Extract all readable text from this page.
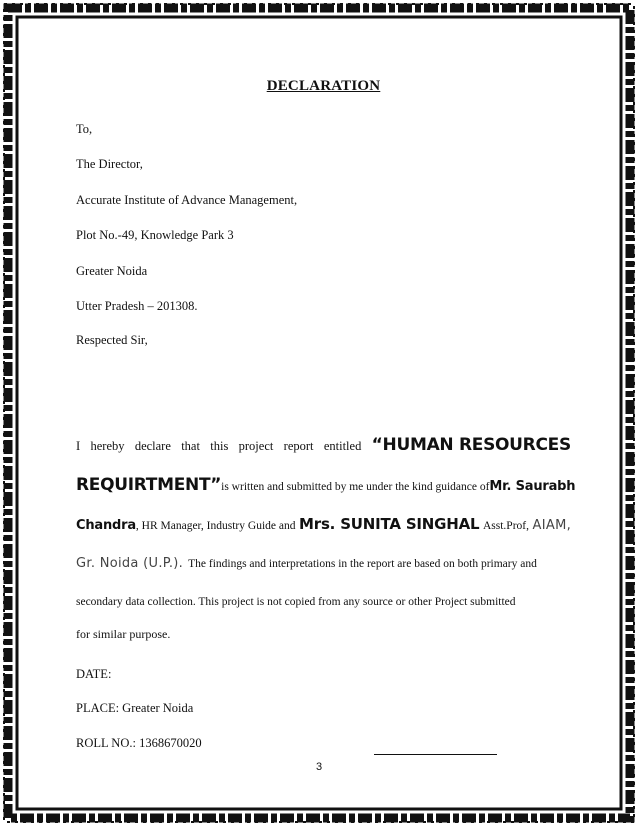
DECLARATION
To,
The Director,
Accurate Institute of Advance Management,
Plot No.-49, Knowledge Park 3
Greater Noida
Utter Pradesh – 201308.
Respected Sir,
I hereby declare that this project report entitled “HUMAN RESOURCES
REQUIRTMENT” is written and submitted by me under the kind guidance of Mr. Saurabh
Chandra , HR Manager, Industry Guide and Mrs. SUNITA SINGHAL Asst.Prof, AIAM,
Gr. Noida (U.P.). The findings and interpretations in the report are based on both primary and
secondary data collection. This project is not copied from any source or other Project submitted
for similar purpose.
DATE:
PLACE: Greater Noida
ROLL NO.: 1368670020
3
